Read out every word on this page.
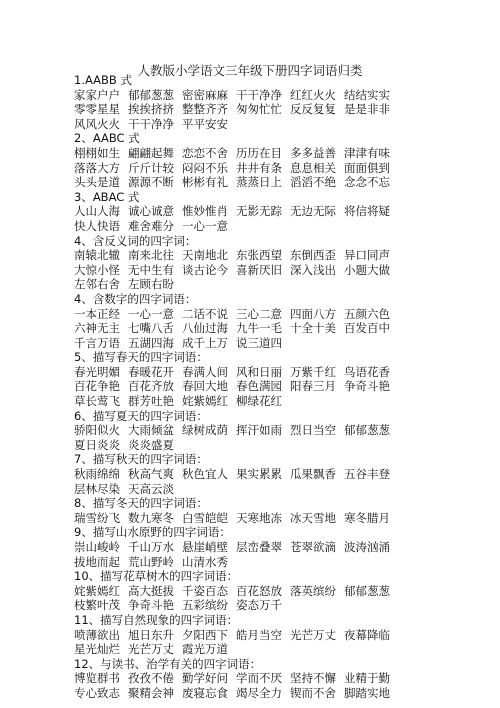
人教版小学语文三年级下册四字词语归类
1.AABB 式
家家户户 郁郁葱葱 密密麻麻 干干净净 红红火火 结结实实
零零星星 挨挨挤挤 整整齐齐 匆匆忙忙 反反复复 是是非非
风风火火 干干净净 平平安安
2、AABC 式
栩栩如生 翩翩起舞 恋恋不舍 历历在目 多多益善 津津有味
落落大方 斤斤计较 闷闷不乐 井井有条 息息相关 面面俱到
头头是道 源源不断 彬彬有礼 蒸蒸日上 滔滔不绝 念念不忘
3、ABAC 式
人山人海 诚心诚意 惟妙惟肖 无影无踪 无边无际 将信将疑
快人快语 难舍难分 一心一意
4、含反义词的四字词：
南辕北辙 南来北往 天南地北 东张西望 东倒西歪 异口同声
大惊小怪 无中生有 谈古论今 喜新厌旧 深入浅出 小题大做
左邻右舍 左顾右盼
4、含数字的四字词语：
一本正经 一心一意 二话不说 三心二意 四面八方 五颜六色
六神无主 七嘴八舌 八仙过海 九牛一毛 十全十美 百发百中
千言万语 五湖四海 成千上万 说三道四
5、描写春天的四字词语：
春光明媚 春暖花开 春满人间 风和日丽 万紫千红 鸟语花香
百花争艳 百花齐放 春回大地 春色满园 阳春三月 争奇斗艳
草长莺飞 群芳吐艳 姹紫嫣红 柳绿花红
6、描写夏天的四字词语：
骄阳似火 大雨倾盆 绿树成荫 挥汗如雨 烈日当空 郁郁葱葱
夏日炎炎 炎炎盛夏
7、描写秋天的四字词语：
秋雨绵绵 秋高气爽 秋色宜人 果实累累 瓜果飘香 五谷丰登
层林尽染 天高云淡
8、描写冬天的四字词语：
瑞雪纷飞 数九寒冬 白雪皑皑 天寒地冻 冰天雪地 寒冬腊月
9、描写山水原野的四字词语：
崇山峻岭 千山万水 悬崖峭壁 层峦叠翠 苍翠欲滴 波涛汹涌
拔地而起 荒山野岭 山清水秀
10、描写花草树木的四字词语：
姹紫嫣红 高大挺拔 千姿百态 百花怒放 落英缤纷 郁郁葱葱
枝繁叶茂 争奇斗艳 五彩缤纷 姿态万千
11、描写自然现象的四字词语：
喷薄欲出 旭日东升 夕阳西下 皓月当空 光芒万丈 夜幕降临
星光灿烂 光芒万丈 霞光万道
12、与读书、治学有关的四字词语：
博览群书 孜孜不倦 勤学好问 学而不厌 坚持不懈 业精于勤
专心致志 聚精会神 废寝忘食 竭尽全力 锲而不舍 脚踏实地
